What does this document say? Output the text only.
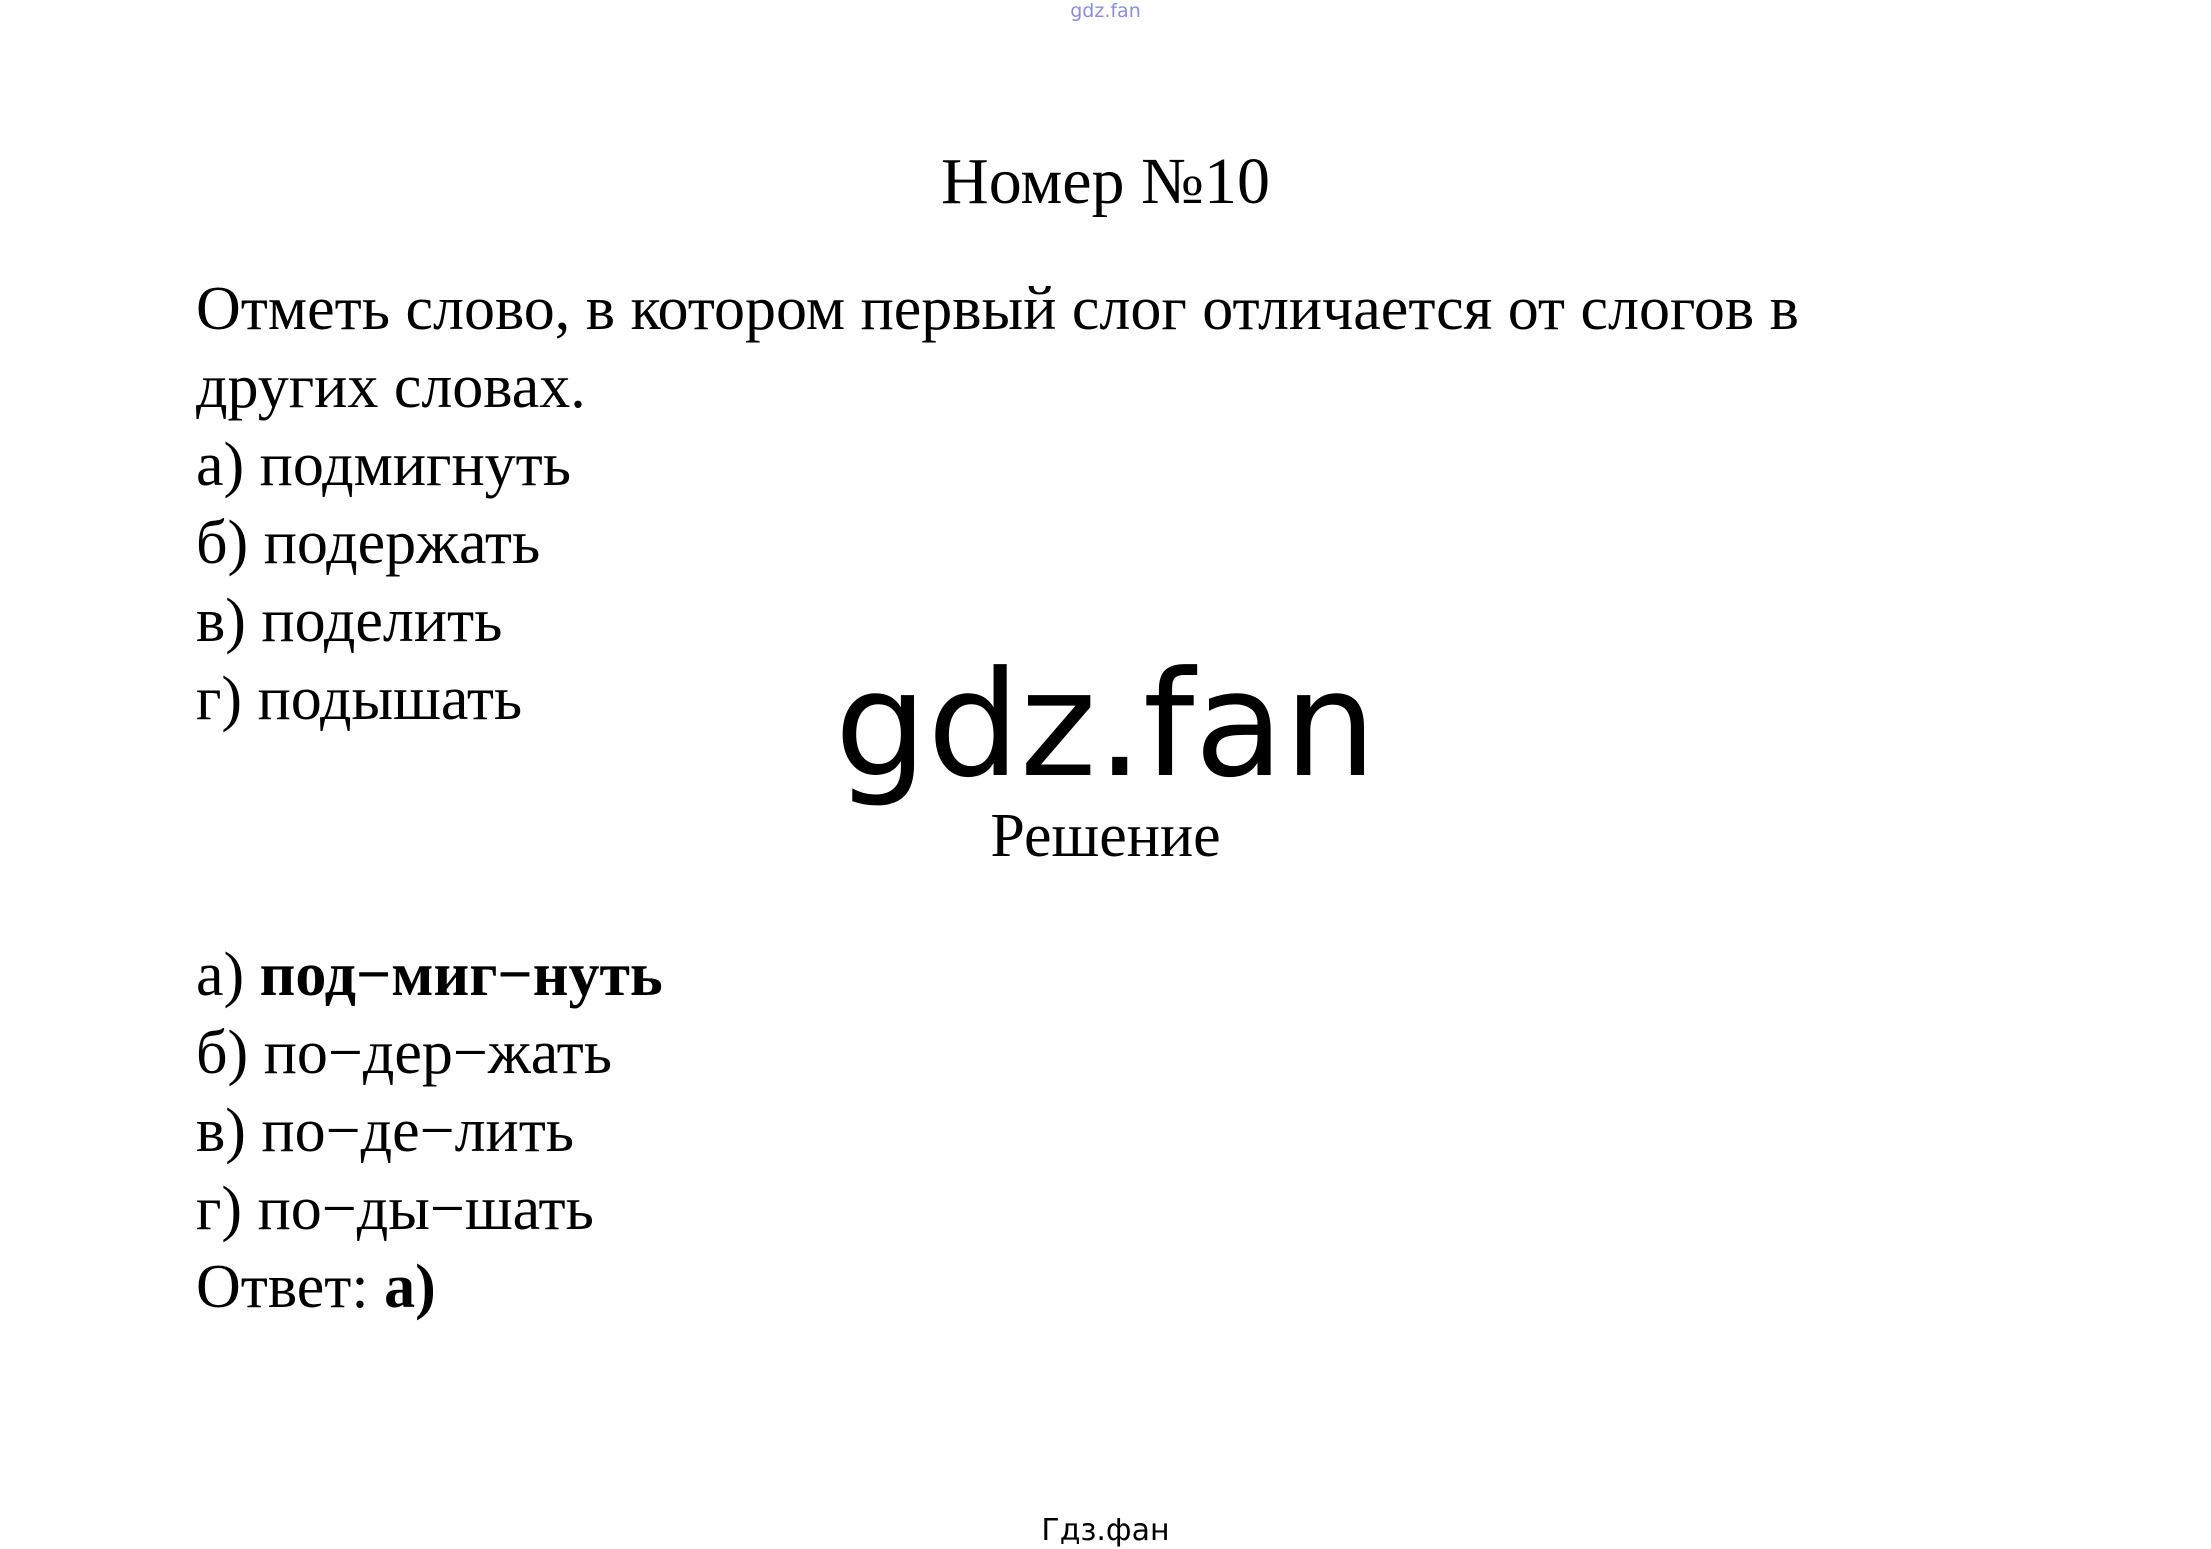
gdz.fan
Номер №10

Отметь слово, в котором первый слог отличается от слогов в

других словах.

а) подмигнуть

б) подержать

в) поделить

г) подышать	gdz.fan
Решение

а) под−миг−нуть

б) по−дер−жать

в) по−де−лить

г) по−ды−шать

Ответ: а)

Гдз.фан
